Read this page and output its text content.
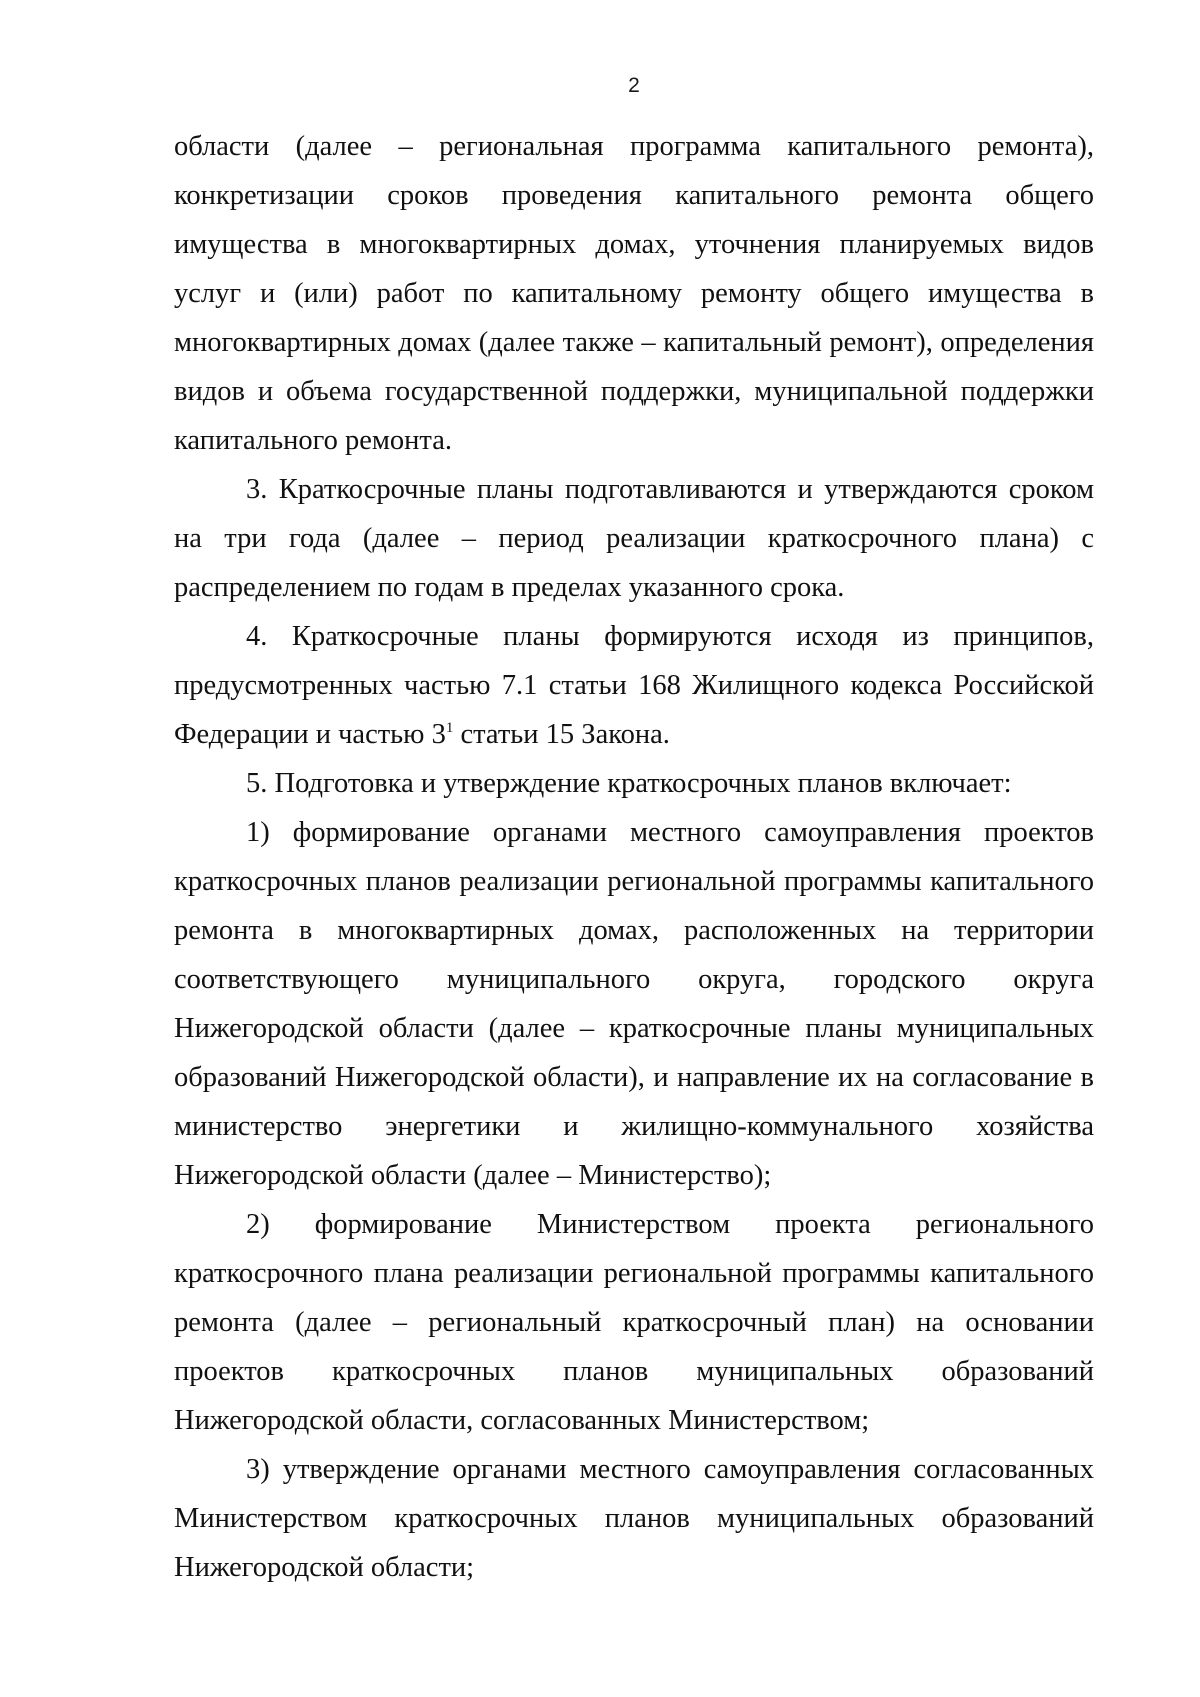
2

области (далее – региональная программа капитального ремонта), конкретизации сроков проведения капитального ремонта общего имущества в многоквартирных домах, уточнения планируемых видов услуг и (или) работ по капитальному ремонту общего имущества в многоквартирных домах (далее также – капитальный ремонт), определения видов и объема государственной поддержки, муниципальной поддержки капитального ремонта.

3. Краткосрочные планы подготавливаются и утверждаются сроком на три года (далее – период реализации краткосрочного плана) с распределением по годам в пределах указанного срока.

4. Краткосрочные планы формируются исходя из принципов, предусмотренных частью 7.1 статьи 168 Жилищного кодекса Российской Федерации и частью $3^1$ статьи 15 Закона.

5. Подготовка и утверждение краткосрочных планов включает:

1) формирование органами местного самоуправления проектов краткосрочных планов реализации региональной программы капитального ремонта в многоквартирных домах, расположенных на территории соответствующего муниципального округа, городского округа Нижегородской области (далее – краткосрочные планы муниципальных образований Нижегородской области), и направление их на согласование в министерство энергетики и жилищно-коммунального хозяйства Нижегородской области (далее – Министерство);

2) формирование Министерством проекта регионального краткосрочного плана реализации региональной программы капитального ремонта (далее – региональный краткосрочный план) на основании проектов краткосрочных планов муниципальных образований Нижегородской области, согласованных Министерством;

3) утверждение органами местного самоуправления согласованных Министерством краткосрочных планов муниципальных образований Нижегородской области;
